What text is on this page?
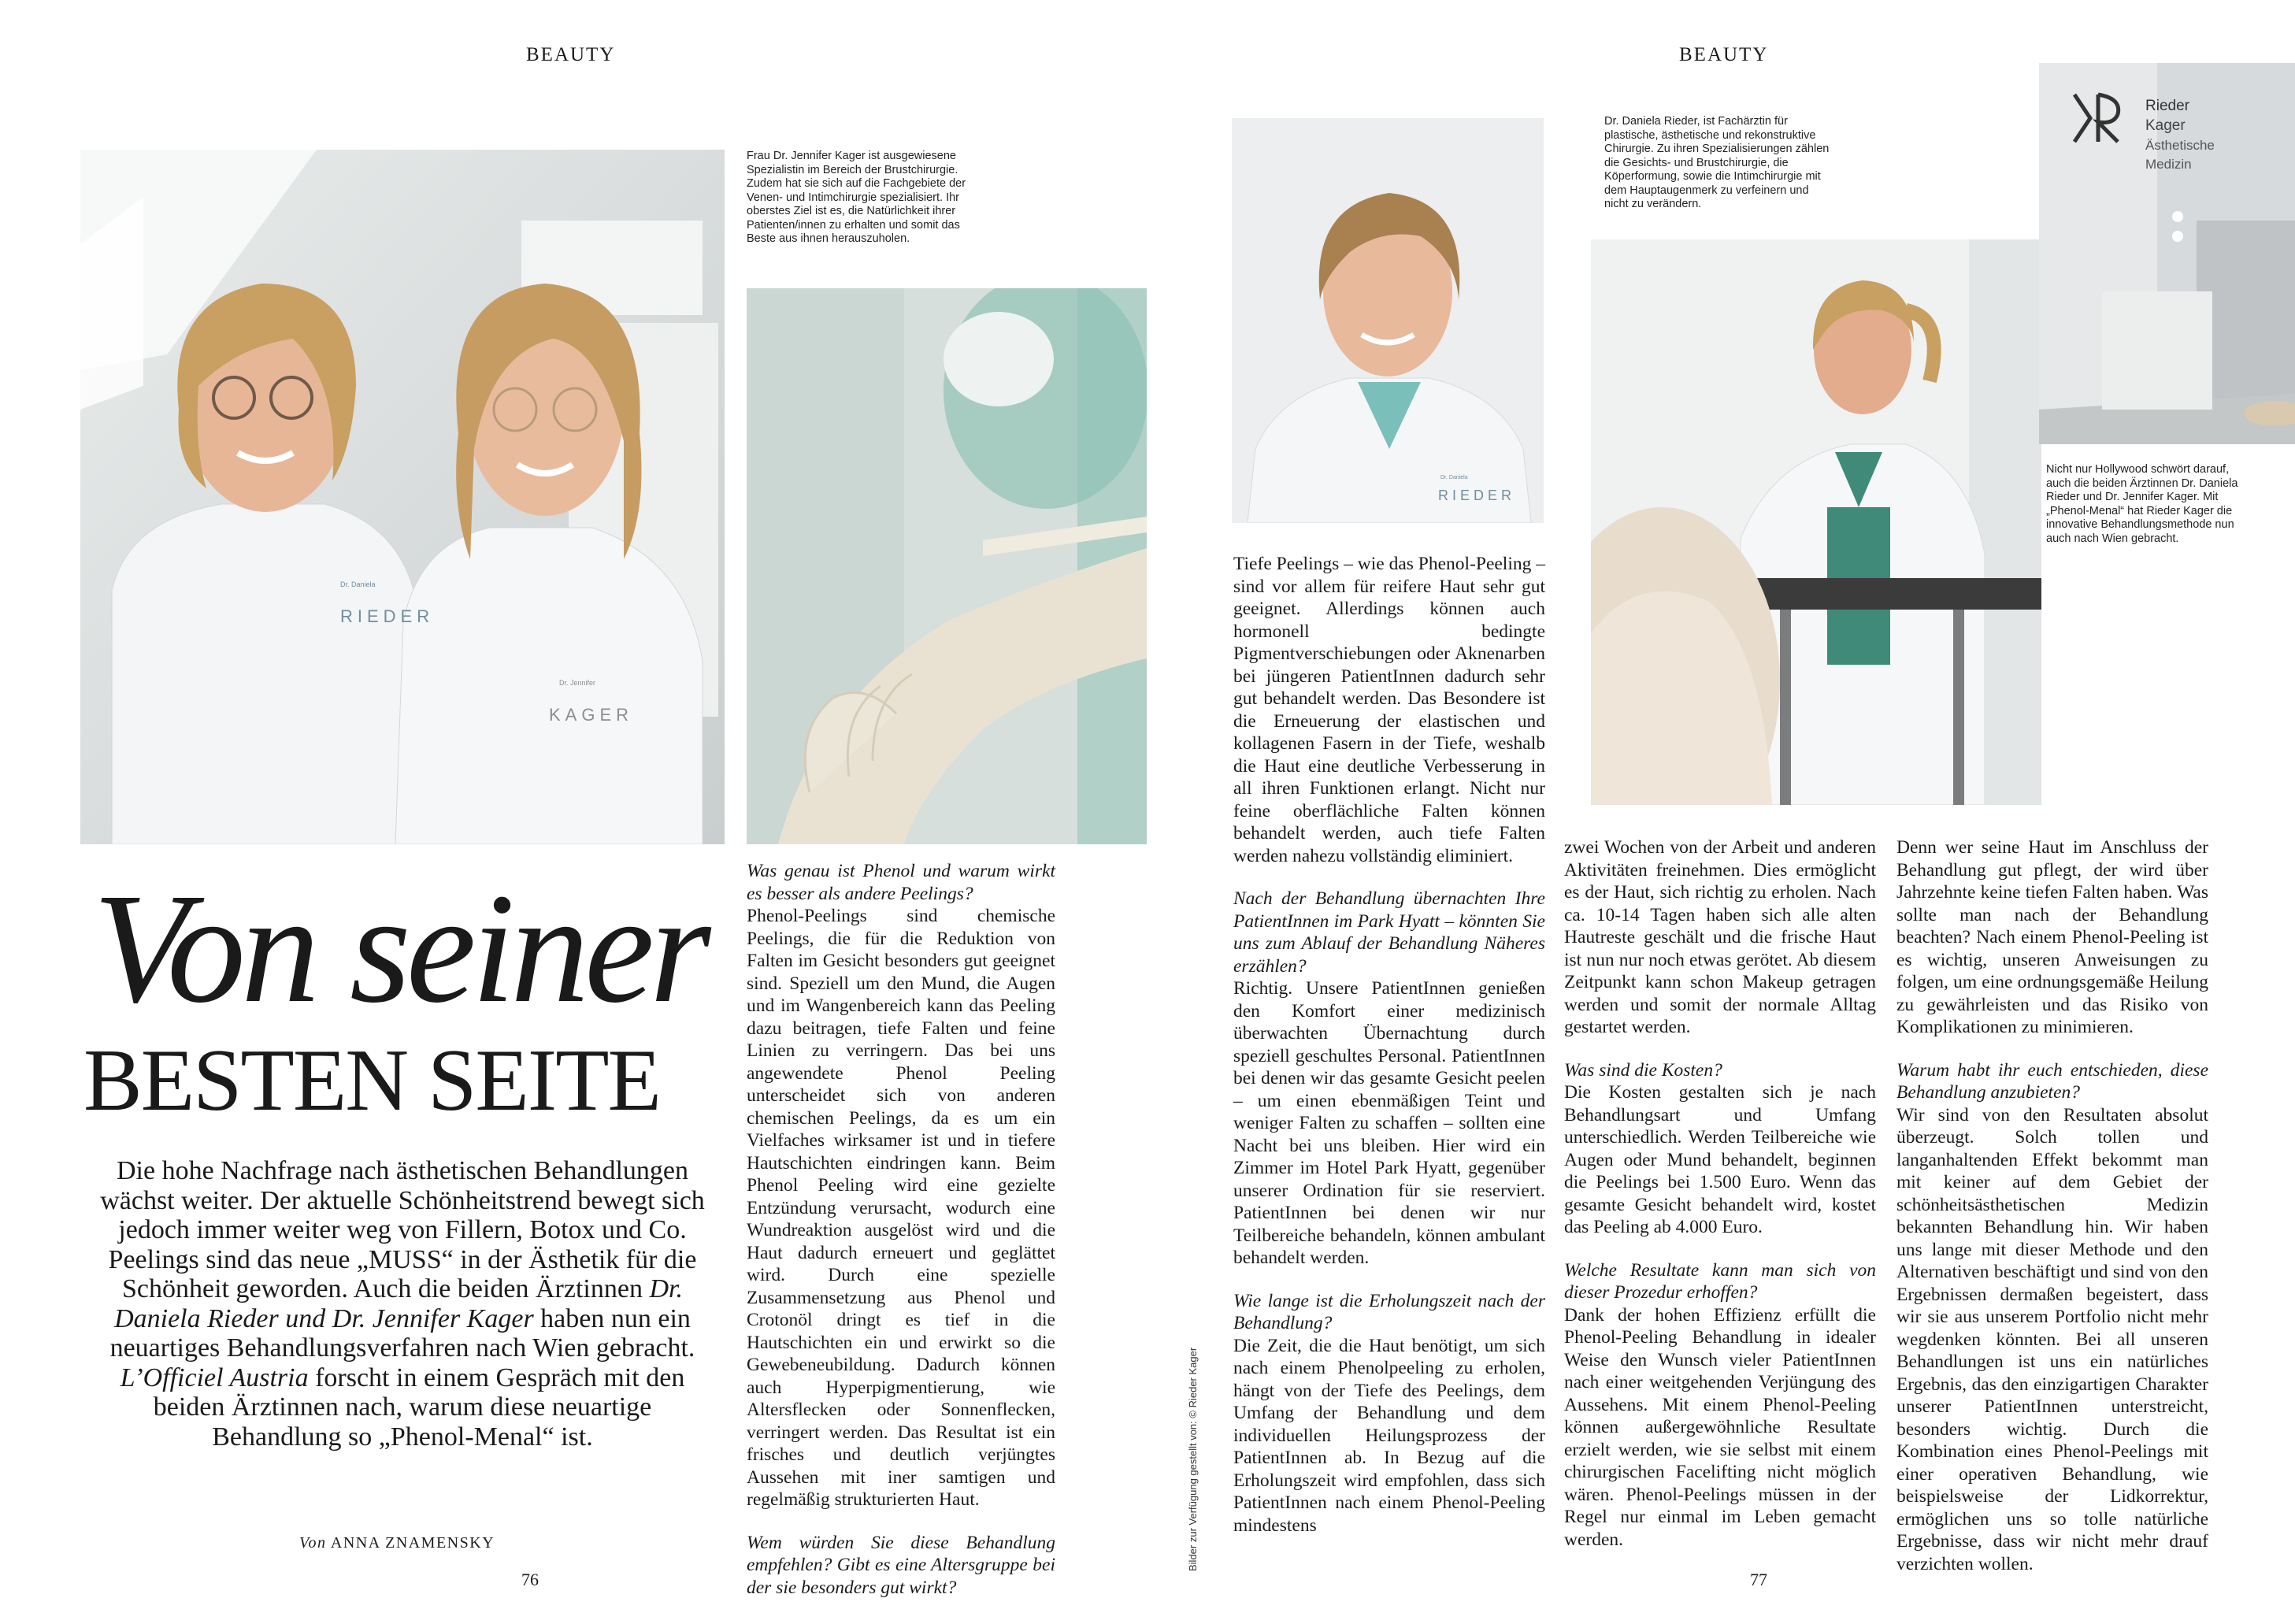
BEAUTY
Dr. Daniela
RIEDER
Dr. Jennifer
KAGER
Frau Dr. Jennifer Kager ist ausgewiesene Spezialistin im Bereich der Brustchirurgie. Zudem hat sie sich auf die Fachgebiete der Venen- und Intimchirurgie spezialisiert. Ihr oberstes Ziel ist es, die Natürlichkeit ihrer Patienten/innen zu erhalten und somit das Beste aus ihnen herauszuholen.
Von seiner
BESTEN SEITE
Die hohe Nachfrage nach ästhetischen Behandlungen wächst weiter. Der aktuelle Schönheitstrend bewegt sich jedoch immer weiter weg von Fillern, Botox und Co. Peelings sind das neue „MUSS“ in der Ästhetik für die Schönheit geworden. Auch die beiden Ärztinnen Dr. Daniela Rieder und Dr. Jennifer Kager haben nun ein neuartiges Behandlungsverfahren nach Wien gebracht. L’Officiel Austria forscht in einem Gespräch mit den beiden Ärztinnen nach, warum diese neuartige Behandlung so „Phenol-Menal“ ist.
Von ANNA ZNAMENSKY
76

Was genau ist Phenol und warum wirkt es besser als andere Peelings?

Phenol-Peelings sind chemische Peelings, die für die Reduktion von Falten im Gesicht besonders gut geeignet sind. Speziell um den Mund, die Augen und im Wangenbereich kann das Peeling dazu beitragen, tiefe Falten und feine Linien zu verringern. Das bei uns angewendete Phenol Peeling unterscheidet sich von anderen chemischen Peelings, da es um ein Vielfaches wirksamer ist und in tiefere Hautschichten eindringen kann. Beim Phenol Peeling wird eine gezielte Entzündung verursacht, wodurch eine Wundreaktion ausgelöst wird und die Haut dadurch erneuert und geglättet wird. Durch eine spezielle Zusammensetzung aus Phenol und Crotonöl dringt es tief in die Hautschichten ein und erwirkt so die Gewebeneubildung. Dadurch können auch Hyperpigmentierung, wie Altersflecken oder Sonnenflecken, verringert werden. Das Resultat ist ein frisches und deutlich verjüngtes Aussehen mit iner samtigen und regelmäßig strukturierten Haut.

Wem würden Sie diese Behandlung empfehlen? Gibt es eine Altersgruppe bei der sie besonders gut wirkt?

Bilder zur Verfügung gestellt von: © Rieder Kager
BEAUTY
Dr. Daniela
RIEDER
Dr. Daniela Rieder, ist Fachärztin für plastische, ästhetische und rekonstruktive Chirurgie. Zu ihren Spezialisierungen zählen die Gesichts- und Brustchirurgie, die Köperformung, sowie die Intimchirurgie mit dem Hauptaugenmerk zu verfeinern und nicht zu verändern.
Rieder
Kager
Ästhetische
Medizin
Nicht nur Hollywood schwört darauf, auch die beiden Ärztinnen Dr. Daniela Rieder und Dr. Jennifer Kager. Mit „Phenol-Menal“ hat Rieder Kager die innovative Behandlungsmethode nun auch nach Wien gebracht.

Tiefe Peelings – wie das Phenol-Peeling – sind vor allem für reifere Haut sehr gut geeignet. Allerdings können auch hormonell bedingte Pigmentverschiebungen oder Aknenarben bei jüngeren PatientInnen dadurch sehr gut behandelt werden. Das Besondere ist die Erneuerung der elastischen und kollagenen Fasern in der Tiefe, weshalb die Haut eine deutliche Verbesserung in all ihren Funktionen erlangt. Nicht nur feine oberflächliche Falten können behandelt werden, auch tiefe Falten werden nahezu vollständig eliminiert.

Nach der Behandlung übernachten Ihre PatientInnen im Park Hyatt – könnten Sie uns zum Ablauf der Behandlung Näheres erzählen?

Richtig. Unsere PatientInnen genießen den Komfort einer medizinisch überwachten Übernachtung durch speziell geschultes Personal. PatientInnen bei denen wir das gesamte Gesicht peelen – um einen ebenmäßigen Teint und weniger Falten zu schaffen – sollten eine Nacht bei uns bleiben. Hier wird ein Zimmer im Hotel Park Hyatt, gegenüber unserer Ordination für sie reserviert. PatientInnen bei denen wir nur Teilbereiche behandeln, können ambulant behandelt werden.

Wie lange ist die Erholungszeit nach der Behandlung?

Die Zeit, die die Haut benötigt, um sich nach einem Phenolpeeling zu erholen, hängt von der Tiefe des Peelings, dem Umfang der Behandlung und dem individuellen Heilungsprozess der PatientInnen ab. In Bezug auf die Erholungszeit wird empfohlen, dass sich PatientInnen nach einem Phenol-Peeling mindestens

zwei Wochen von der Arbeit und anderen Aktivitäten freinehmen. Dies ermöglicht es der Haut, sich richtig zu erholen. Nach ca. 10-14 Tagen haben sich alle alten Hautreste geschält und die frische Haut ist nun nur noch etwas gerötet. Ab diesem Zeitpunkt kann schon Makeup getragen werden und somit der normale Alltag gestartet werden.

Was sind die Kosten?

Die Kosten gestalten sich je nach Behandlungsart und Umfang unterschiedlich. Werden Teilbereiche wie Augen oder Mund behandelt, beginnen die Peelings bei 1.500 Euro. Wenn das gesamte Gesicht behandelt wird, kostet das Peeling ab 4.000 Euro.

Welche Resultate kann man sich von dieser Prozedur erhoffen?

Dank der hohen Effizienz erfüllt die Phenol-Peeling Behandlung in idealer Weise den Wunsch vieler PatientInnen nach einer weitgehenden Verjüngung des Aussehens. Mit einem Phenol-Peeling können außergewöhnliche Resultate erzielt werden, wie sie selbst mit einem chirurgischen Facelifting nicht möglich wären. Phenol-Peelings müssen in der Regel nur einmal im Leben gemacht werden.

Denn wer seine Haut im Anschluss der Behandlung gut pflegt, der wird über Jahrzehnte keine tiefen Falten haben. Was sollte man nach der Behandlung beachten? Nach einem Phenol-Peeling ist es wichtig, unseren Anweisungen zu folgen, um eine ordnungsgemäße Heilung zu gewährleisten und das Risiko von Komplikationen zu minimieren.

Warum habt ihr euch entschieden, diese Behandlung anzubieten?

Wir sind von den Resultaten absolut überzeugt. Solch tollen und langanhaltenden Effekt bekommt man mit keiner auf dem Gebiet der schönheitsästhetischen Medizin bekannten Behandlung hin. Wir haben uns lange mit dieser Methode und den Alternativen beschäftigt und sind von den Ergebnissen dermaßen begeistert, dass wir sie aus unserem Portfolio nicht mehr wegdenken könnten. Bei all unseren Behandlungen ist uns ein natürliches Ergebnis, das den einzigartigen Charakter unserer PatientInnen unterstreicht, besonders wichtig. Durch die Kombination eines Phenol-Peelings mit einer operativen Behandlung, wie beispielsweise der Lidkorrektur, ermöglichen uns so tolle natürliche Ergebnisse, dass wir nicht mehr drauf verzichten wollen.

77
